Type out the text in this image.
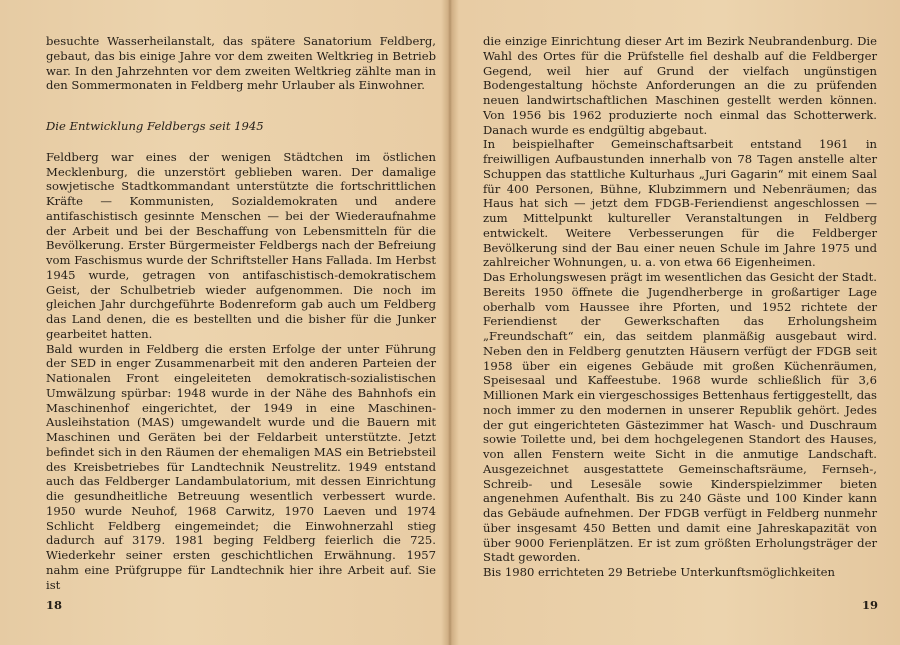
besuchte Wasserheilanstalt, das spätere Sanatorium Feldberg, gebaut, das bis einige Jahre vor dem zweiten Weltkrieg in Betrieb war. In den Jahrzehnten vor dem zweiten Weltkrieg zählte man in den Sommermonaten in Feldberg mehr Urlauber als Einwohner.

Die Entwicklung Feldbergs seit 1945

Feldberg war eines der wenigen Städtchen im östlichen Mecklenburg, die unzerstört geblieben waren. Der damalige sowjetische Stadtkommandant unterstützte die fortschrittlichen Kräfte — Kommunisten, Sozialdemokraten und andere antifaschistisch gesinnte Menschen — bei der Wiederaufnahme der Arbeit und bei der Beschaffung von Lebensmitteln für die Bevölkerung. Erster Bürgermeister Feldbergs nach der Befreiung vom Faschismus wurde der Schriftsteller Hans Fallada. Im Herbst 1945 wurde, getragen von antifaschistisch-demokratischem Geist, der Schulbetrieb wieder aufgenommen. Die noch im gleichen Jahr durchgeführte Bodenreform gab auch um Feldberg das Land denen, die es bestellten und die bisher für die Junker gearbeitet hatten.

Bald wurden in Feldberg die ersten Erfolge der unter Führung der SED in enger Zusammenarbeit mit den anderen Parteien der Nationalen Front eingeleiteten demokratisch-sozialistischen Umwälzung spürbar: 1948 wurde in der Nähe des Bahnhofs ein Maschinenhof eingerichtet, der 1949 in eine Maschinen-Ausleihstation (MAS) umgewandelt wurde und die Bauern mit Maschinen und Geräten bei der Feldarbeit unterstützte. Jetzt befindet sich in den Räumen der ehemaligen MAS ein Betriebsteil des Kreisbetriebes für Landtechnik Neustrelitz. 1949 entstand auch das Feldberger Landambulatorium, mit dessen Einrichtung die gesundheitliche Betreuung wesentlich verbessert wurde. 1950 wurde Neuhof, 1968 Carwitz, 1970 Laeven und 1974 Schlicht Feldberg eingemeindet; die Einwohnerzahl stieg dadurch auf 3179. 1981 beging Feldberg feierlich die 725. Wiederkehr seiner ersten geschichtlichen Erwähnung. 1957 nahm eine Prüfgruppe für Landtechnik hier ihre Arbeit auf. Sie ist

18

die einzige Einrichtung dieser Art im Bezirk Neubrandenburg. Die Wahl des Ortes für die Prüfstelle fiel deshalb auf die Feldberger Gegend, weil hier auf Grund der vielfach ungünstigen Bodengestaltung höchste Anforderungen an die zu prüfenden neuen landwirtschaftlichen Maschinen gestellt werden können. Von 1956 bis 1962 produzierte noch einmal das Schotterwerk. Danach wurde es endgültig abgebaut.

In beispielhafter Gemeinschaftsarbeit entstand 1961 in freiwilligen Aufbaustunden innerhalb von 78 Tagen anstelle alter Schuppen das stattliche Kulturhaus „Juri Gagarin“ mit einem Saal für 400 Personen, Bühne, Klubzimmern und Nebenräumen; das Haus hat sich — jetzt dem FDGB-Feriendienst angeschlossen — zum Mittelpunkt kultureller Veranstaltungen in Feldberg entwickelt. Weitere Verbesserungen für die Feldberger Bevölkerung sind der Bau einer neuen Schule im Jahre 1975 und zahlreicher Wohnungen, u. a. von etwa 66 Eigenheimen.

Das Erholungswesen prägt im wesentlichen das Gesicht der Stadt. Bereits 1950 öffnete die Jugendherberge in großartiger Lage oberhalb vom Haussee ihre Pforten, und 1952 richtete der Feriendienst der Gewerkschaften das Erholungsheim „Freundschaft“ ein, das seitdem planmäßig ausgebaut wird. Neben den in Feldberg genutzten Häusern verfügt der FDGB seit 1958 über ein eigenes Gebäude mit großen Küchenräumen, Speisesaal und Kaffeestube. 1968 wurde schließlich für 3,6 Millionen Mark ein viergeschossiges Bettenhaus fertiggestellt, das noch immer zu den modernen in unserer Republik gehört. Jedes der gut eingerichteten Gästezimmer hat Wasch- und Duschraum sowie Toilette und, bei dem hochgelegenen Standort des Hauses, von allen Fenstern weite Sicht in die anmutige Landschaft. Ausgezeichnet ausgestattete Gemeinschaftsräume, Fernseh-, Schreib- und Lesesäle sowie Kinderspielzimmer bieten angenehmen Aufenthalt. Bis zu 240 Gäste und 100 Kinder kann das Gebäude aufnehmen. Der FDGB verfügt in Feldberg nunmehr über insgesamt 450 Betten und damit eine Jahreskapazität von über 9000 Ferienplätzen. Er ist zum größten Erholungsträger der Stadt geworden.

Bis 1980 errichteten 29 Betriebe Unterkunftsmöglichkeiten

19
